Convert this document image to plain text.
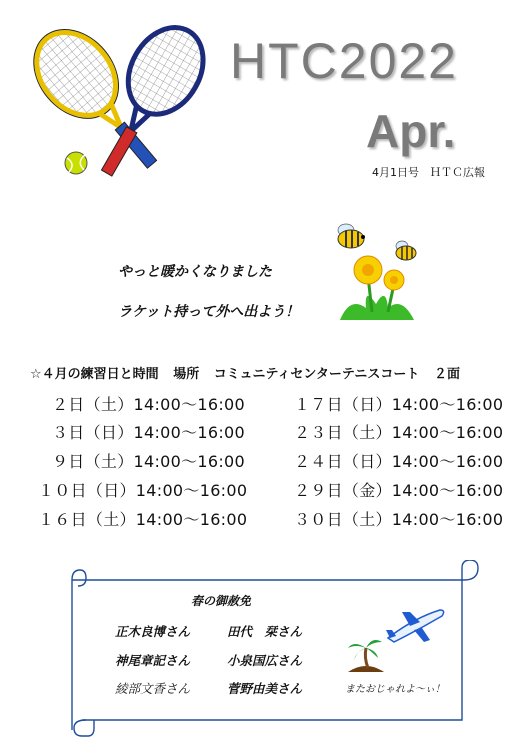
HTC2022
Apr.
4月1日号　ＨＴＣ広報
やっと暖かくなりました
ラケット持って外へ出よう！
☆４月の練習日と時間 場所 コミュニティセンターテニスコート ２面
２日（土）14:00～16:00
３日（日）14:00～16:00
９日（土）14:00～16:00
１０日（日）14:00～16:00
１６日（土）14:00～16:00
１７日（日）14:00～16:00
２３日（土）14:00～16:00
２４日（日）14:00～16:00
２９日（金）14:00～16:00
３０日（土）14:00～16:00
春の御赦免
正木良博さん	田代　栞さん
神尾章記さん	小泉国広さん
綾部文香さん	菅野由美さん	またおじゃれよ～ぃ！
